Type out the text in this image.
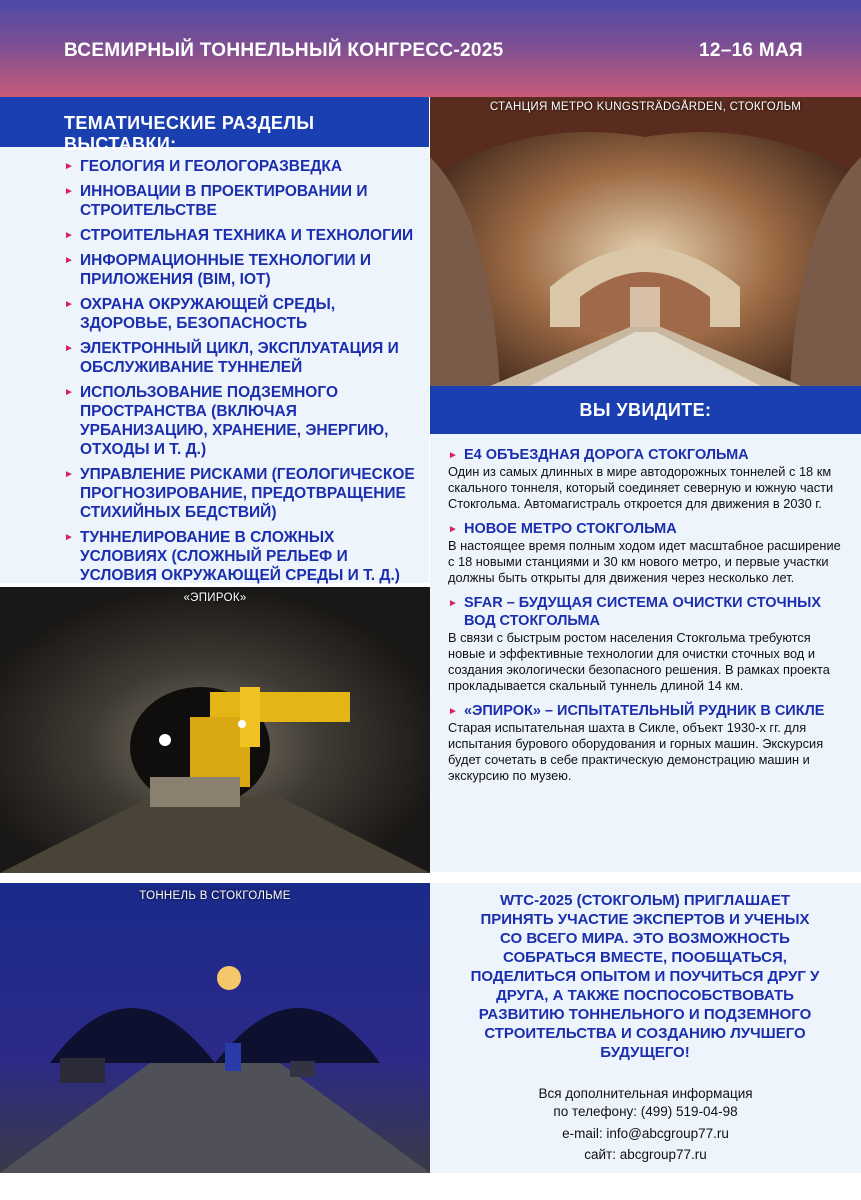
ВСЕМИРНЫЙ ТОННЕЛЬНЫЙ КОНГРЕСС-2025	12–16 МАЯ
ТЕМАТИЧЕСКИЕ РАЗДЕЛЫ ВЫСТАВКИ:
► ГЕОЛОГИЯ И ГЕОЛОГОРАЗВЕДКА
► ИННОВАЦИИ В ПРОЕКТИРОВАНИИ И СТРОИТЕЛЬСТВЕ
► СТРОИТЕЛЬНАЯ ТЕХНИКА И ТЕХНОЛОГИИ
► ИНФОРМАЦИОННЫЕ ТЕХНОЛОГИИ И ПРИЛОЖЕНИЯ (BIM, IOT)
► ОХРАНА ОКРУЖАЮЩЕЙ СРЕДЫ, ЗДОРОВЬЕ, БЕЗОПАСНОСТЬ
► ЭЛЕКТРОННЫЙ ЦИКЛ, ЭКСПЛУАТАЦИЯ И ОБСЛУЖИВАНИЕ ТУННЕЛЕЙ
► ИСПОЛЬЗОВАНИЕ ПОДЗЕМНОГО ПРОСТРАНСТВА (ВКЛЮЧАЯ УРБАНИЗАЦИЮ, ХРАНЕНИЕ, ЭНЕРГИЮ, ОТХОДЫ И Т. Д.)
► УПРАВЛЕНИЕ РИСКАМИ (ГЕОЛОГИЧЕСКОЕ ПРОГНОЗИРОВАНИЕ, ПРЕДОТВРАЩЕНИЕ СТИХИЙНЫХ БЕДСТВИЙ)
► ТУННЕЛИРОВАНИЕ В СЛОЖНЫХ УСЛОВИЯХ (СЛОЖНЫЙ РЕЛЬЕФ И УСЛОВИЯ ОКРУЖАЮЩЕЙ СРЕДЫ И Т. Д.)
СТАНЦИЯ МЕТРО KUNGSTRÄDGÅRDEN, СТОКГОЛЬМ
ВЫ УВИДИТЕ:
► Е4 ОБЪЕЗДНАЯ ДОРОГА СТОКГОЛЬМА
Один из самых длинных в мире автодорожных тоннелей с 18 км скального тоннеля, который соединяет северную и южную части Стокгольма. Автомагистраль откроется для движения в 2030 г.
► НОВОЕ МЕТРО СТОКГОЛЬМА
В настоящее время полным ходом идет масштабное расширение с 18 новыми станциями и 30 км нового метро, и первые участки должны быть открыты для движения через несколько лет.
► SFAR – БУДУЩАЯ СИСТЕМА ОЧИСТКИ СТОЧНЫХ ВОД СТОКГОЛЬМА
В связи с быстрым ростом населения Стокгольма требуются новые и эффективные технологии для очистки сточных вод и создания экологически безопасного решения. В рамках проекта прокладывается скальный туннель длиной 14 км.
► «ЭПИРОК» – ИСПЫТАТЕЛЬНЫЙ РУДНИК В СИКЛЕ
Старая испытательная шахта в Сикле, объект 1930-х гг. для испытания бурового оборудования и горных машин. Экскурсия будет сочетать в себе практическую демонстрацию машин и экскурсию по музею.
«ЭПИРОК»
ТОННЕЛЬ В СТОКГОЛЬМЕ	WTC-2025 (СТОКГОЛЬМ) ПРИГЛАШАЕТ ПРИНЯТЬ УЧАСТИЕ ЭКСПЕРТОВ И УЧЕНЫХ СО ВСЕГО МИРА. ЭТО ВОЗМОЖНОСТЬ СОБРАТЬСЯ ВМЕСТЕ, ПООБЩАТЬСЯ, ПОДЕЛИТЬСЯ ОПЫТОМ И ПОУЧИТЬСЯ ДРУГ У ДРУГА, А ТАКЖЕ ПОСПОСОБСТВОВАТЬ РАЗВИТИЮ ТОННЕЛЬНОГО И ПОДЗЕМНОГО СТРОИТЕЛЬСТВА И СОЗДАНИЮ ЛУЧШЕГО БУДУЩЕГО!
Вся дополнительная информация
по телефону: (499) 519-04-98
e-mail: info@abcgroup77.ru
сайт: abcgroup77.ru
